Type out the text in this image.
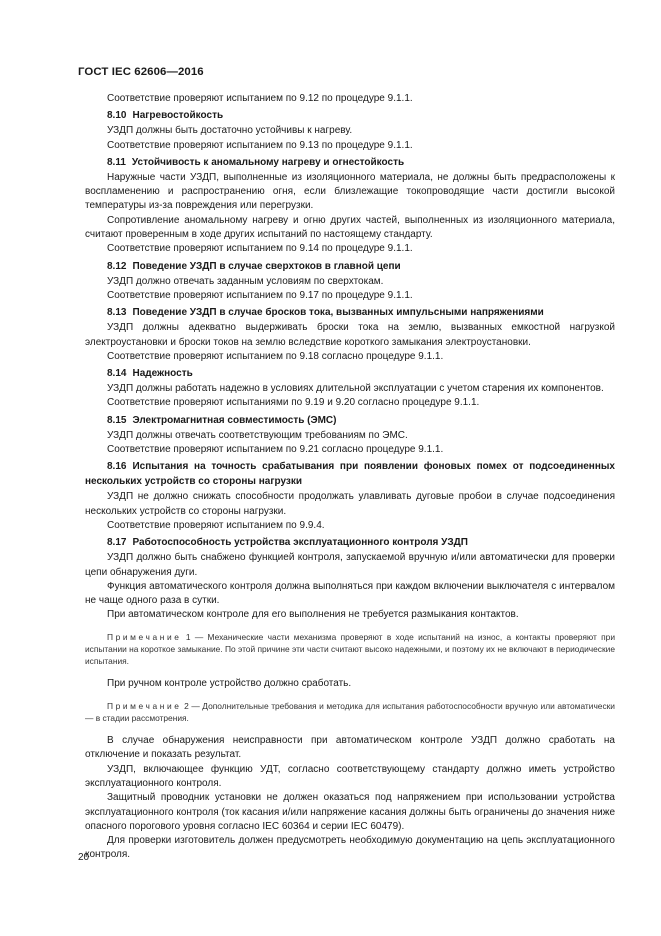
ГОСТ IEC 62606—2016

Соответствие проверяют испытанием по 9.12 по процедуре 9.1.1.

8.10 Нагревостойкость

УЗДП должны быть достаточно устойчивы к нагреву.

Соответствие проверяют испытанием по 9.13 по процедуре 9.1.1.

8.11 Устойчивость к аномальному нагреву и огнестойкость

Наружные части УЗДП, выполненные из изоляционного материала, не должны быть предрасположены к воспламенению и распространению огня, если близлежащие токопроводящие части достигли высокой температуры из-за повреждения или перегрузки.

Сопротивление аномальному нагреву и огню других частей, выполненных из изоляционного материала, считают проверенным в ходе других испытаний по настоящему стандарту.

Соответствие проверяют испытанием по 9.14 по процедуре 9.1.1.

8.12 Поведение УЗДП в случае сверхтоков в главной цепи

УЗДП должно отвечать заданным условиям по сверхтокам.

Соответствие проверяют испытанием по 9.17 по процедуре 9.1.1.

8.13 Поведение УЗДП в случае бросков тока, вызванных импульсными напряжениями

УЗДП должны адекватно выдерживать броски тока на землю, вызванных емкостной нагрузкой электроустановки и броски токов на землю вследствие короткого замыкания электроустановки.

Соответствие проверяют испытанием по 9.18 согласно процедуре 9.1.1.

8.14 Надежность

УЗДП должны работать надежно в условиях длительной эксплуатации с учетом старения их компонентов.

Соответствие проверяют испытаниями по 9.19 и 9.20 согласно процедуре 9.1.1.

8.15 Электромагнитная совместимость (ЭМС)

УЗДП должны отвечать соответствующим требованиям по ЭМС.

Соответствие проверяют испытанием по 9.21 согласно процедуре 9.1.1.

8.16 Испытания на точность срабатывания при появлении фоновых помех от подсоединенных нескольких устройств со стороны нагрузки

УЗДП не должно снижать способности продолжать улавливать дуговые пробои в случае подсоединения нескольких устройств со стороны нагрузки.

Соответствие проверяют испытанием по 9.9.4.

8.17 Работоспособность устройства эксплуатационного контроля УЗДП

УЗДП должно быть снабжено функцией контроля, запускаемой вручную и/или автоматически для проверки цепи обнаружения дуги.

Функция автоматического контроля должна выполняться при каждом включении выключателя с интервалом не чаще одного раза в сутки.

При автоматическом контроле для его выполнения не требуется размыкания контактов.

Примечание 1 — Механические части механизма проверяют в ходе испытаний на износ, а контакты проверяют при испытании на короткое замыкание. По этой причине эти части считают высоко надежными, и поэтому их не включают в периодические испытания.

При ручном контроле устройство должно сработать.

Примечание 2 — Дополнительные требования и методика для испытания работоспособности вручную или автоматически — в стадии рассмотрения.

В случае обнаружения неисправности при автоматическом контроле УЗДП должно сработать на отключение и показать результат.

УЗДП, включающее функцию УДТ, согласно соответствующему стандарту должно иметь устройство эксплуатационного контроля.

Защитный проводник установки не должен оказаться под напряжением при использовании устройства эксплуатационного контроля (ток касания и/или напряжение касания должны быть ограничены до значения ниже опасного порогового уровня согласно IEC 60364 и серии IEC 60479).

Для проверки изготовитель должен предусмотреть необходимую документацию на цепь эксплуатационного контроля.

20
